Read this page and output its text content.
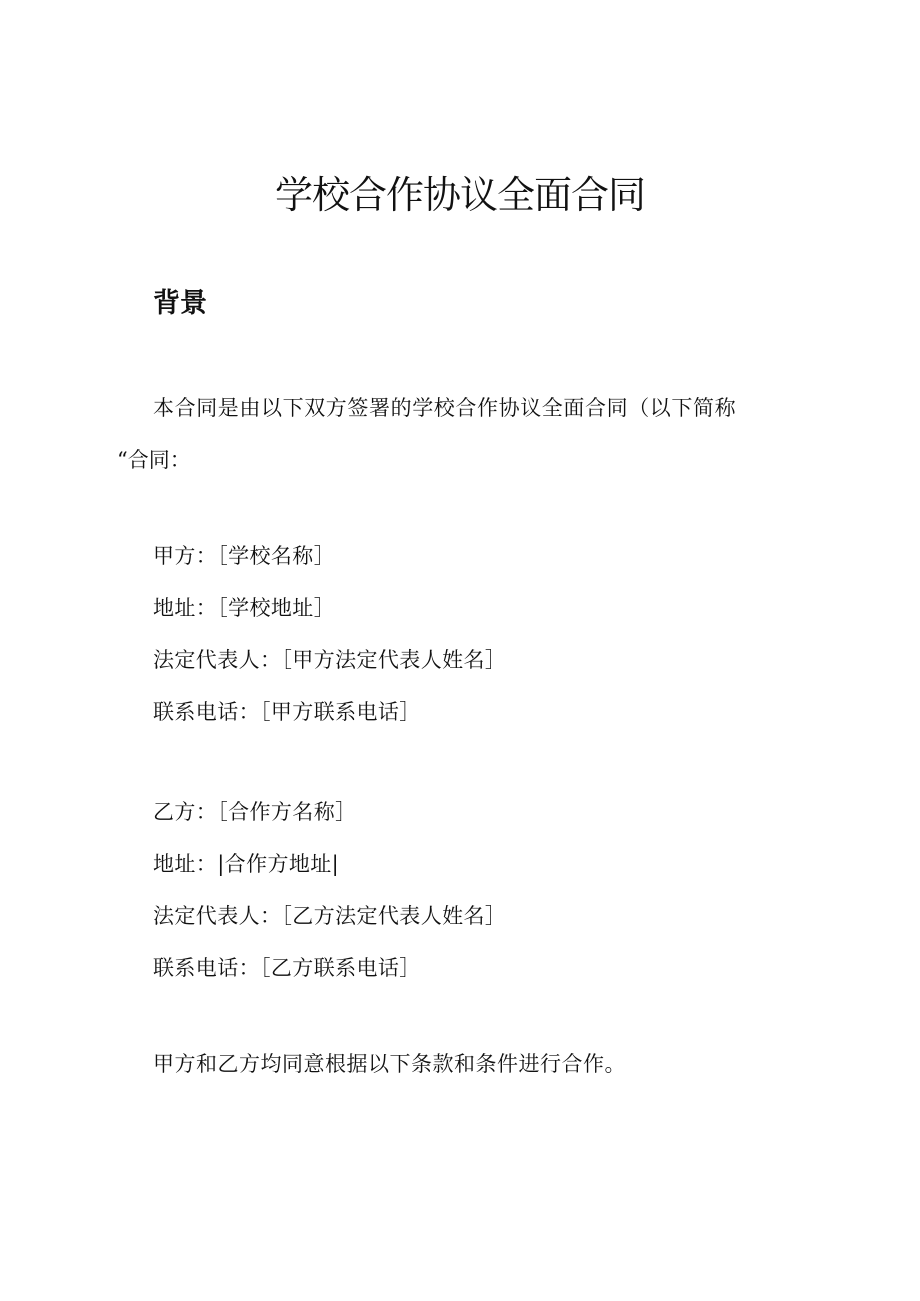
学校合作协议全面合同
背景

本合同是由以下双方签署的学校合作协议全面合同（以下简称

“合同：

甲方：［学校名称］

地址：［学校地址］

法定代表人：［甲方法定代表人姓名］

联系电话：［甲方联系电话］

乙方：［合作方名称］

地址：|合作方地址|

法定代表人：［乙方法定代表人姓名］

联系电话：［乙方联系电话］

甲方和乙方均同意根据以下条款和条件进行合作。
